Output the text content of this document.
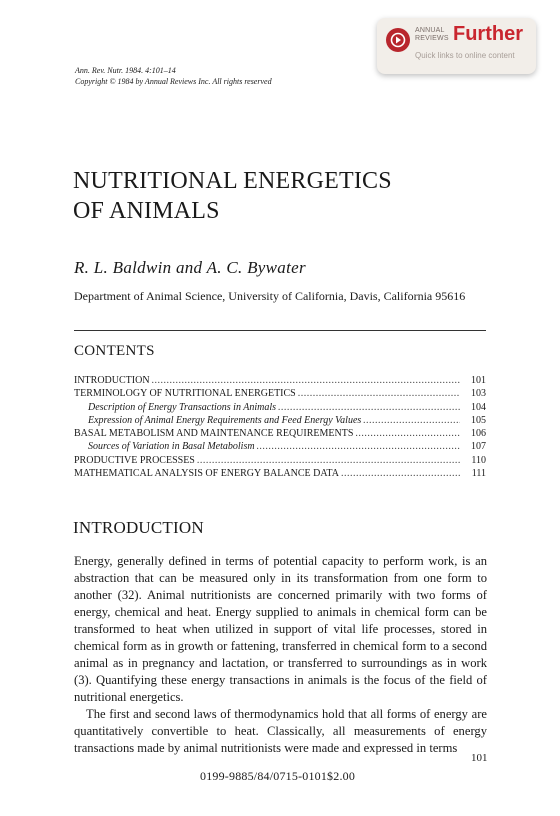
ANNUAL
REVIEWS Further
Quick links to online content
Ann. Rev. Nutr. 1984. 4:101–14
Copyright © 1984 by Annual Reviews Inc. All rights reserved
NUTRITIONAL ENERGETICS
OF ANIMALS
R. L. Baldwin and A. C. Bywater
Department of Animal Science, University of California, Davis, California 95616
CONTENTS
INTRODUCTION . . .	101
TERMINOLOGY OF NUTRITIONAL ENERGETICS . . .	103
Description of Energy Transactions in Animals . . .	104
Expression of Animal Energy Requirements and Feed Energy Values . . .	105
BASAL METABOLISM AND MAINTENANCE REQUIREMENTS . . .	106
Sources of Variation in Basal Metabolism . . .	107
PRODUCTIVE PROCESSES . . .	110
MATHEMATICAL ANALYSIS OF ENERGY BALANCE DATA . . .	111
INTRODUCTION

Energy, generally defined in terms of potential capacity to perform work, is an abstraction that can be measured only in its transformation from one form to another (32). Animal nutritionists are concerned primarily with two forms of energy, chemical and heat. Energy supplied to animals in chemical form can be transformed to heat when utilized in support of vital life processes, stored in chemical form as in growth or fattening, transferred in chemical form to a second animal as in pregnancy and lactation, or transferred to surroundings as in work (3). Quantifying these energy transactions in animals is the focus of the field of nutritional energetics.

The first and second laws of thermodynamics hold that all forms of energy are quantitatively convertible to heat. Classically, all measurements of energy transactions made by animal nutritionists were made and expressed in terms

101
0199-9885/84/0715-0101$2.00
